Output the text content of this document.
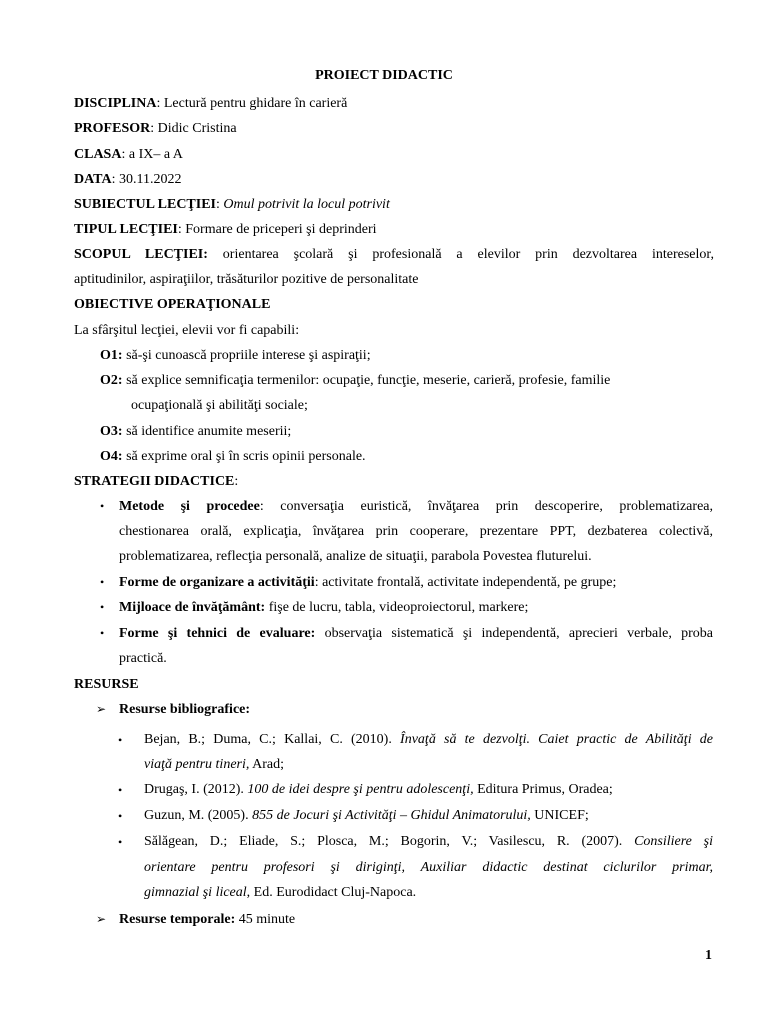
PROIECT DIDACTIC
DISCIPLINA: Lectură pentru ghidare în carieră
PROFESOR: Didic Cristina
CLASA: a IX– a A
DATA: 30.11.2022
SUBIECTUL LECŢIEI: Omul potrivit la locul potrivit
TIPUL LECŢIEI: Formare de priceperi şi deprinderi
SCOPUL LECŢIEI: orientarea şcolară şi profesională a elevilor prin dezvoltarea intereselor,
aptitudinilor, aspiraţiilor, trăsăturilor pozitive de personalitate
OBIECTIVE OPERAŢIONALE
La sfârşitul lecţiei, elevii vor fi capabili:
O1: să-şi cunoască propriile interese şi aspiraţii;
O2: să explice semnificaţia termenilor: ocupaţie, funcţie, meserie, carieră, profesie, familie
ocupaţională şi abilităţi sociale;
O3: să identifice anumite meserii;
O4: să exprime oral şi în scris opinii personale.
STRATEGII DIDACTICE:
• Metode şi procedee: conversaţia euristică, învăţarea prin descoperire, problematizarea,
chestionarea orală, explicaţia, învăţarea prin cooperare, prezentare PPT, dezbaterea colectivă,
problematizarea, reflecţia personală, analize de situaţii, parabola Povestea fluturelui.
• Forme de organizare a activităţii: activitate frontală, activitate independentă, pe grupe;
• Mijloace de învăţământ: fişe de lucru, tabla, videoproiectorul, markere;
• Forme şi tehnici de evaluare: observaţia sistematică şi independentă, aprecieri verbale, proba
practică.
RESURSE
➢ Resurse bibliografice:
• Bejan, B.; Duma, C.; Kallai, C. (2010). Învaţă să te dezvolţi. Caiet practic de Abilităţi de
viaţă pentru tineri, Arad;
• Drugaş, I. (2012). 100 de idei despre şi pentru adolescenţi, Editura Primus, Oradea;
• Guzun, M. (2005). 855 de Jocuri şi Activităţi – Ghidul Animatorului, UNICEF;
• Sălăgean, D.; Eliade, S.; Plosca, M.; Bogorin, V.; Vasilescu, R. (2007). Consiliere şi
orientare pentru profesori şi diriginţi, Auxiliar didactic destinat ciclurilor primar,
gimnazial şi liceal, Ed. Eurodidact Cluj-Napoca.
➢ Resurse temporale: 45 minute
1
